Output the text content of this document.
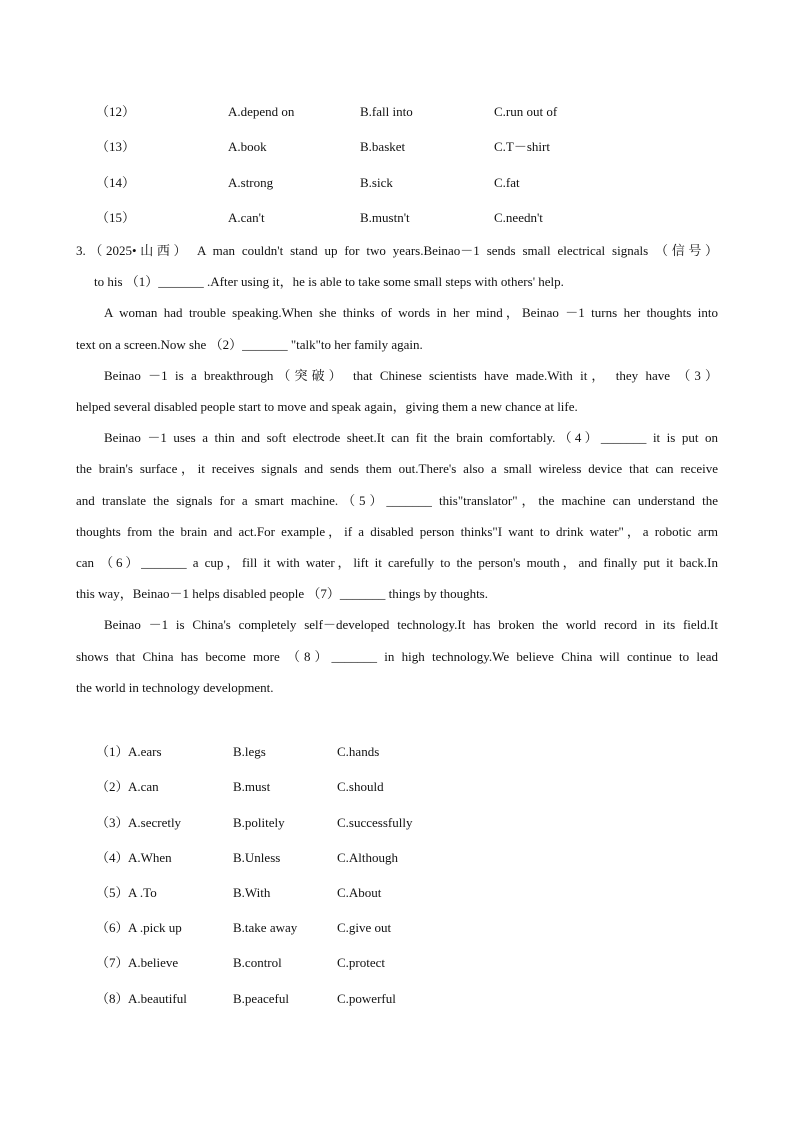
（12）	A.depend on	B.fall into	C.run out of
（13）	A.book	B.basket	C.T－shirt
（14）	A.strong	B.sick	C.fat
（15）	A.can't	B.mustn't	C.needn't
3.（2025•山西） A man couldn't stand up for two years.Beinao－1 sends small electrical signals （信号）
to his （1）_______ .After using it，he is able to take some small steps with others' help.
A woman had trouble speaking.When she thinks of words in her mind，Beinao －1 turns her thoughts into
text on a screen.Now she （2）_______ "talk"to her family again.
Beinao －1 is a breakthrough（突破） that Chinese scientists have made.With it， they have （3）
helped several disabled people start to move and speak again，giving them a new chance at life.
Beinao －1 uses a thin and soft electrode sheet.It can fit the brain comfortably.（4）_______ it is put on
the brain's surface，it receives signals and sends them out.There's also a small wireless device that can receive
and translate the signals for a smart machine.（5）_______ this"translator"，the machine can understand the
thoughts from the brain and act.For example，if a disabled person thinks"I want to drink water"，a robotic arm
can （6）_______ a cup，fill it with water，lift it carefully to the person's mouth，and finally put it back.In
this way，Beinao－1 helps disabled people （7）_______ things by thoughts.
Beinao －1 is China's completely self－developed technology.It has broken the world record in its field.It
shows that China has become more （8）_______ in high technology.We believe China will continue to lead
the world in technology development.
（1） A.ears	B.legs	C.hands
（2） A.can	B.must	C.should
（3） A.secretly	B.politely	C.successfully
（4） A.When	B.Unless	C.Although
（5） A .To	B.With	C.About
（6） A .pick up	B.take away	C.give out
（7） A.believe	B.control	C.protect
（8） A.beautiful	B.peaceful	C.powerful
